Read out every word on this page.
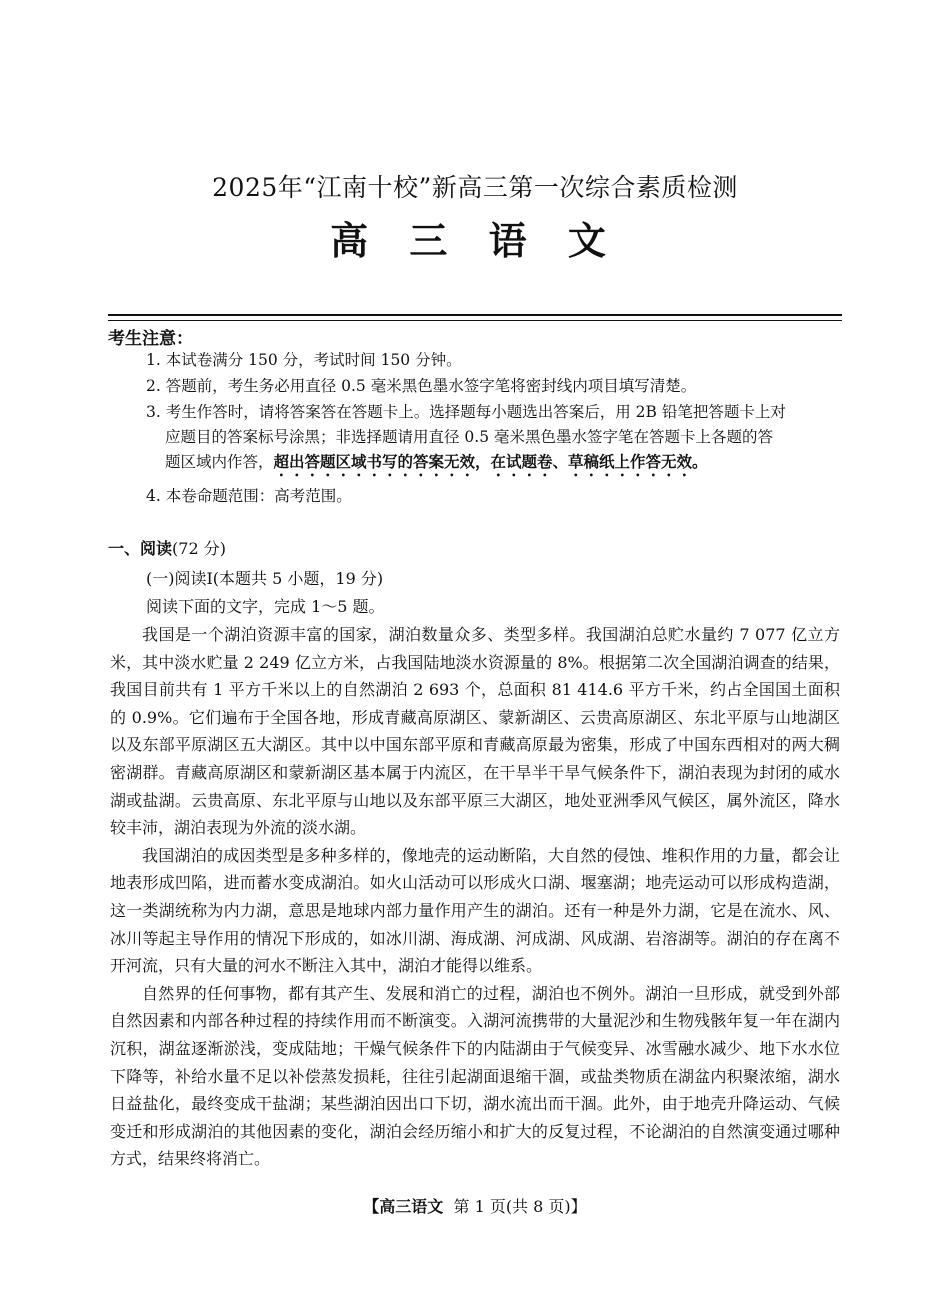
2025年“江南十校”新高三第一次综合素质检测
高 三 语 文
考生注意：
1. 本试卷满分 150 分，考试时间 150 分钟。
2. 答题前，考生务必用直径 0.5 毫米黑色墨水签字笔将密封线内项目填写清楚。
3. 考生作答时，请将答案答在答题卡上。选择题每小题选出答案后，用 2B 铅笔把答题卡上对
应题目的答案标号涂黑；非选择题请用直径 0.5 毫米黑色墨水签字笔在答题卡上各题的答
题区域内作答，超出答题区域书写的答案无效，在试题卷、草稿纸上作答无效。
4. 本卷命题范围：高考范围。
一、阅读(72 分)
(一)阅读Ⅰ(本题共 5 小题，19 分)
阅读下面的文字，完成 1～5 题。

我国是一个湖泊资源丰富的国家，湖泊数量众多、类型多样。我国湖泊总贮水量约 7 077 亿立方米，其中淡水贮量 2 249 亿立方米，占我国陆地淡水资源量的 8%。根据第二次全国湖泊调查的结果，我国目前共有 1 平方千米以上的自然湖泊 2 693 个，总面积 81 414.6 平方千米，约占全国国土面积的 0.9%。它们遍布于全国各地，形成青藏高原湖区、蒙新湖区、云贵高原湖区、东北平原与山地湖区以及东部平原湖区五大湖区。其中以中国东部平原和青藏高原最为密集，形成了中国东西相对的两大稠密湖群。青藏高原湖区和蒙新湖区基本属于内流区，在干旱半干旱气候条件下，湖泊表现为封闭的咸水湖或盐湖。云贵高原、东北平原与山地以及东部平原三大湖区，地处亚洲季风气候区，属外流区，降水较丰沛，湖泊表现为外流的淡水湖。

我国湖泊的成因类型是多种多样的，像地壳的运动断陷，大自然的侵蚀、堆积作用的力量，都会让地表形成凹陷，进而蓄水变成湖泊。如火山活动可以形成火口湖、堰塞湖；地壳运动可以形成构造湖，这一类湖统称为内力湖，意思是地球内部力量作用产生的湖泊。还有一种是外力湖，它是在流水、风、冰川等起主导作用的情况下形成的，如冰川湖、海成湖、河成湖、风成湖、岩溶湖等。湖泊的存在离不开河流，只有大量的河水不断注入其中，湖泊才能得以维系。

自然界的任何事物，都有其产生、发展和消亡的过程，湖泊也不例外。湖泊一旦形成，就受到外部自然因素和内部各种过程的持续作用而不断演变。入湖河流携带的大量泥沙和生物残骸年复一年在湖内沉积，湖盆逐渐淤浅，变成陆地；干燥气候条件下的内陆湖由于气候变异、冰雪融水减少、地下水水位下降等，补给水量不足以补偿蒸发损耗，往往引起湖面退缩干涸，或盐类物质在湖盆内积聚浓缩，湖水日益盐化，最终变成干盐湖；某些湖泊因出口下切，湖水流出而干涸。此外，由于地壳升降运动、气候变迁和形成湖泊的其他因素的变化，湖泊会经历缩小和扩大的反复过程，不论湖泊的自然演变通过哪种方式，结果终将消亡。

【高三语文 第 1 页(共 8 页)】
